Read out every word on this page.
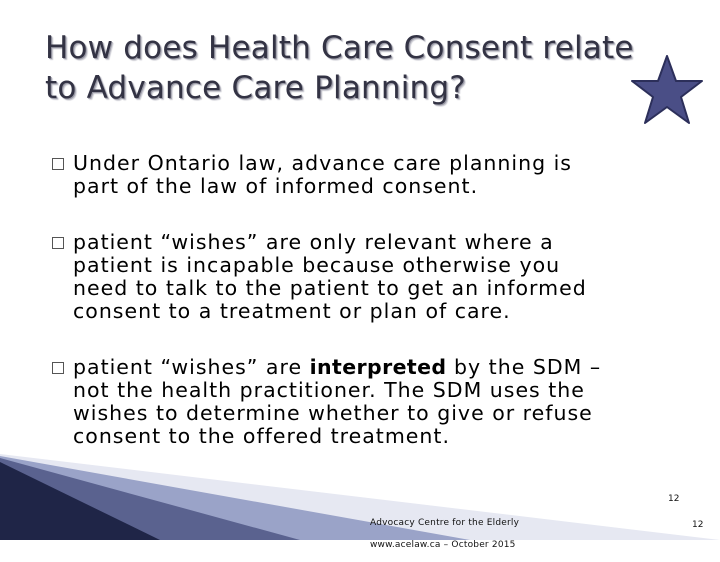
How does Health Care Consent relate
to Advance Care Planning?
Under Ontario law, advance care planning is
part of the law of informed consent.
patient “wishes” are only relevant where a
patient is incapable because otherwise you
need to talk to the patient to get an informed
consent to a treatment or plan of care.
patient “wishes” are interpreted by the SDM –
not the health practitioner. The SDM uses the
wishes to determine whether to give or refuse
consent to the offered treatment.

Advocacy Centre for the Elderly

www.acelaw.ca – October 2015

12
12
